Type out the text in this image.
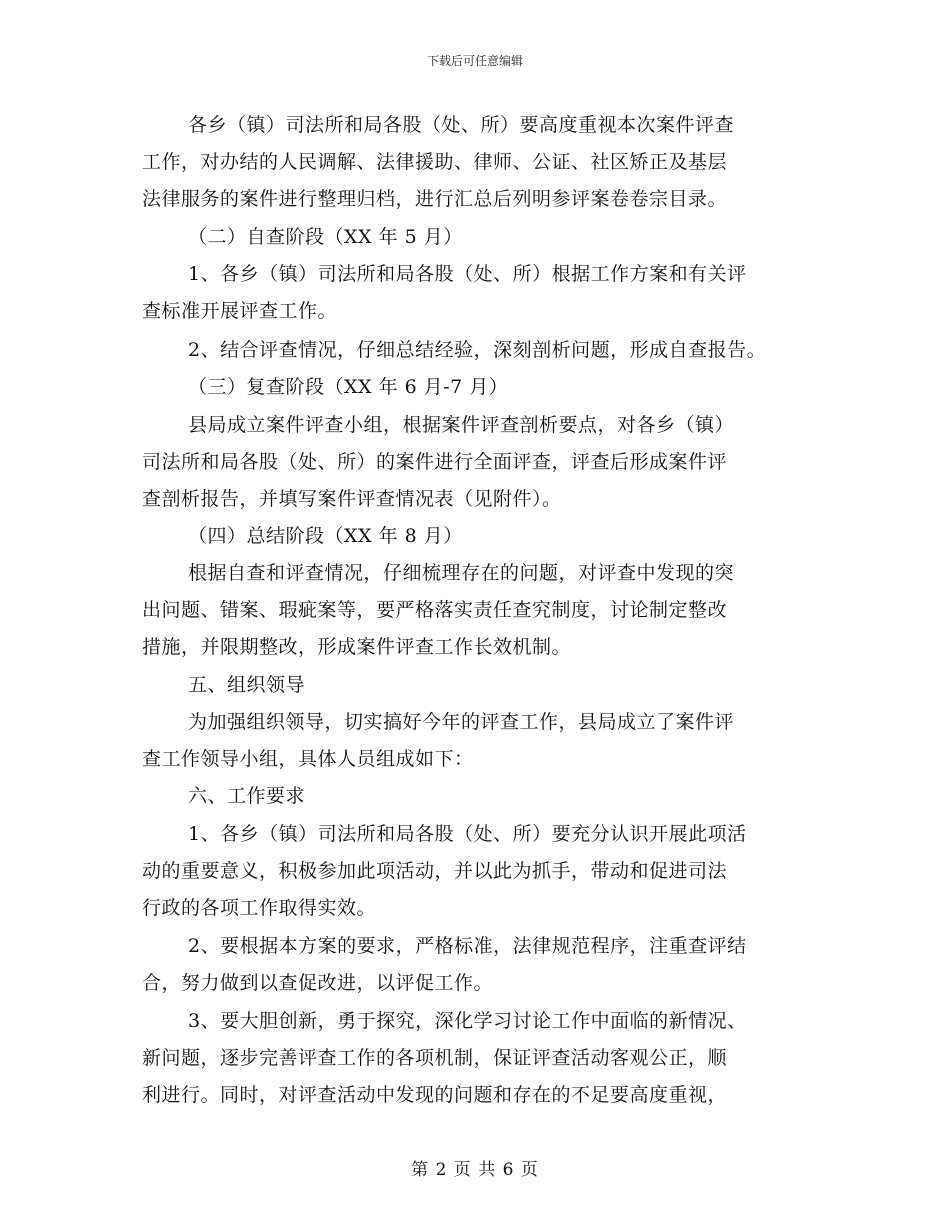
下载后可任意编辑
各乡（镇）司法所和局各股（处、所）要高度重视本次案件评查
工作，对办结的人民调解、法律援助、律师、公证、社区矫正及基层
法律服务的案件进行整理归档，进行汇总后列明参评案卷卷宗目录。
（二）自查阶段（XX 年 5 月）
1、各乡（镇）司法所和局各股（处、所）根据工作方案和有关评
查标准开展评查工作。
2、结合评查情况，仔细总结经验，深刻剖析问题，形成自查报告。
（三）复查阶段（XX 年 6 月-7 月）
县局成立案件评查小组，根据案件评查剖析要点，对各乡（镇）
司法所和局各股（处、所）的案件进行全面评查，评查后形成案件评
查剖析报告，并填写案件评查情况表（见附件）。
（四）总结阶段（XX 年 8 月）
根据自查和评查情况，仔细梳理存在的问题，对评查中发现的突
出问题、错案、瑕疵案等，要严格落实责任查究制度，讨论制定整改
措施，并限期整改，形成案件评查工作长效机制。
五、组织领导
为加强组织领导，切实搞好今年的评查工作，县局成立了案件评
查工作领导小组，具体人员组成如下：
六、工作要求
1、各乡（镇）司法所和局各股（处、所）要充分认识开展此项活
动的重要意义，积极参加此项活动，并以此为抓手，带动和促进司法
行政的各项工作取得实效。
2、要根据本方案的要求，严格标准，法律规范程序，注重查评结
合，努力做到以查促改进，以评促工作。
3、要大胆创新，勇于探究，深化学习讨论工作中面临的新情况、
新问题，逐步完善评查工作的各项机制，保证评查活动客观公正，顺
利进行。同时，对评查活动中发现的问题和存在的不足要高度重视，
第 2 页 共 6 页
